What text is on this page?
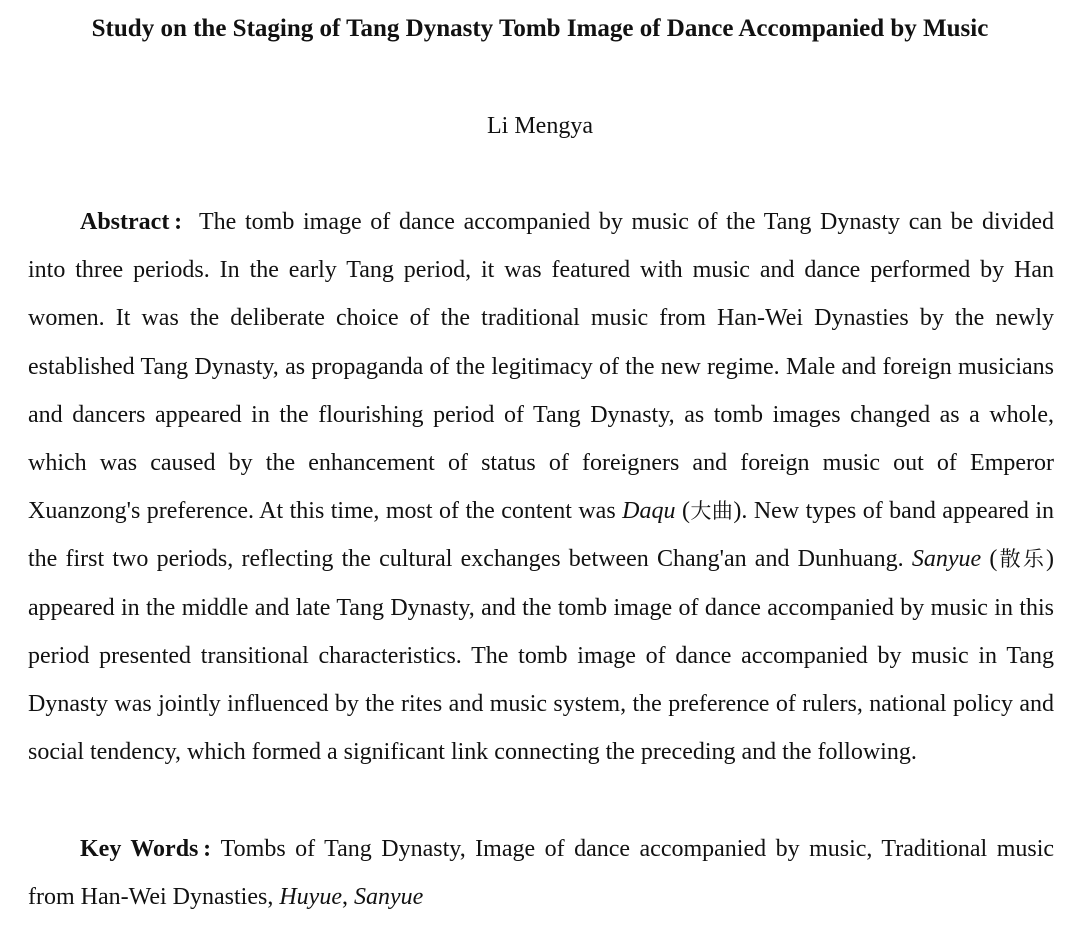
Study on the Staging of Tang Dynasty Tomb Image of Dance Accompanied by Music

Li Mengya

Abstract : The tomb image of dance accompanied by music of the Tang Dynasty can be divided into three periods. In the early Tang period, it was featured with music and dance performed by Han women. It was the deliberate choice of the traditional music from Han-Wei Dynasties by the newly established Tang Dynasty, as propaganda of the legitimacy of the new regime. Male and foreign musicians and dancers appeared in the flourishing period of Tang Dynasty, as tomb images changed as a whole, which was caused by the enhancement of status of foreigners and foreign music out of Emperor Xuanzong's preference. At this time, most of the content was Daqu (大曲). New types of band appeared in the first two periods, reflecting the cultural exchanges between Chang'an and Dunhuang. Sanyue (散乐) appeared in the middle and late Tang Dynasty, and the tomb image of dance accompanied by music in this period presented transitional characteristics. The tomb image of dance accompanied by music in Tang Dynasty was jointly influenced by the rites and music system, the preference of rulers, national policy and social tendency, which formed a significant link connecting the preceding and the following.

Key Words : Tombs of Tang Dynasty, Image of dance accompanied by music, Traditional music from Han-Wei Dynasties, Huyue, Sanyue
